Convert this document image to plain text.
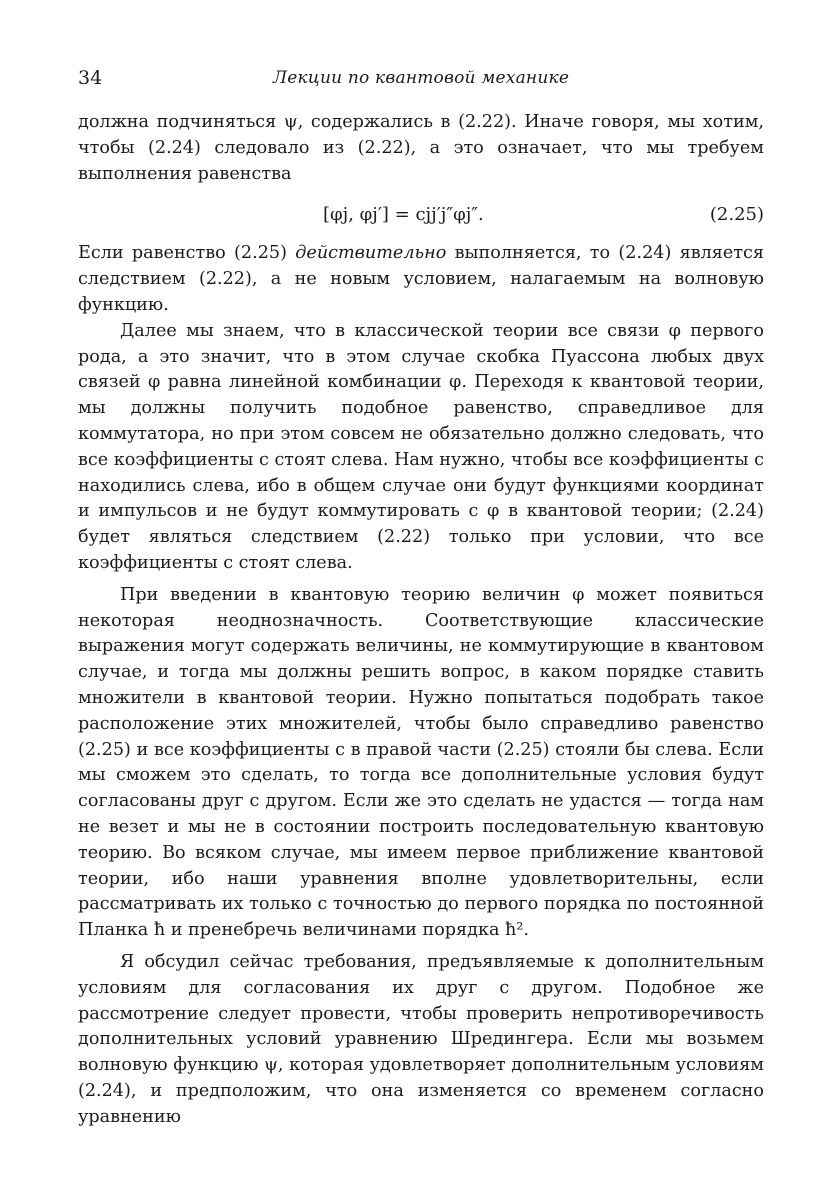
34	Лекции по квантовой механике

должна подчиняться ψ, содержались в (2.22). Иначе говоря, мы хотим, чтобы (2.24) следовало из (2.22), а это означает, что мы требуем выполнения равенства

[φj, φj′] = cjj′j″φj″.	(2.25)

Если равенство (2.25) действительно выполняется, то (2.24) является следствием (2.22), а не новым условием, налагаемым на волновую функцию.

Далее мы знаем, что в классической теории все связи φ первого рода, а это значит, что в этом случае скобка Пуассона любых двух связей φ равна линейной комбинации φ. Переходя к квантовой теории, мы должны получить подобное равенство, справедливое для коммутатора, но при этом совсем не обязательно должно следовать, что все коэффициенты c стоят слева. Нам нужно, чтобы все коэффициенты c находились слева, ибо в общем случае они будут функциями координат и импульсов и не будут коммутировать с φ в квантовой теории; (2.24) будет являться следствием (2.22) только при условии, что все коэффициенты c стоят слева.

При введении в квантовую теорию величин φ может появиться некоторая неоднозначность. Соответствующие классические выражения могут содержать величины, не коммутирующие в квантовом случае, и тогда мы должны решить вопрос, в каком порядке ставить множители в квантовой теории. Нужно попытаться подобрать такое расположение этих множителей, чтобы было справедливо равенство (2.25) и все коэффициенты c в правой части (2.25) стояли бы слева. Если мы сможем это сделать, то тогда все дополнительные условия будут согласованы друг с другом. Если же это сделать не удастся — тогда нам не везет и мы не в состоянии построить последовательную квантовую теорию. Во всяком случае, мы имеем первое приближение квантовой теории, ибо наши уравнения вполне удовлетворительны, если рассматривать их только с точностью до первого порядка по постоянной Планка ħ и пренебречь величинами порядка ħ².

Я обсудил сейчас требования, предъявляемые к дополнительным условиям для согласования их друг с другом. Подобное же рассмотрение следует провести, чтобы проверить непротиворечивость дополнительных условий уравнению Шредингера. Если мы возьмем волновую функцию ψ, которая удовлетворяет дополнительным условиям (2.24), и предположим, что она изменяется со временем согласно уравнению
